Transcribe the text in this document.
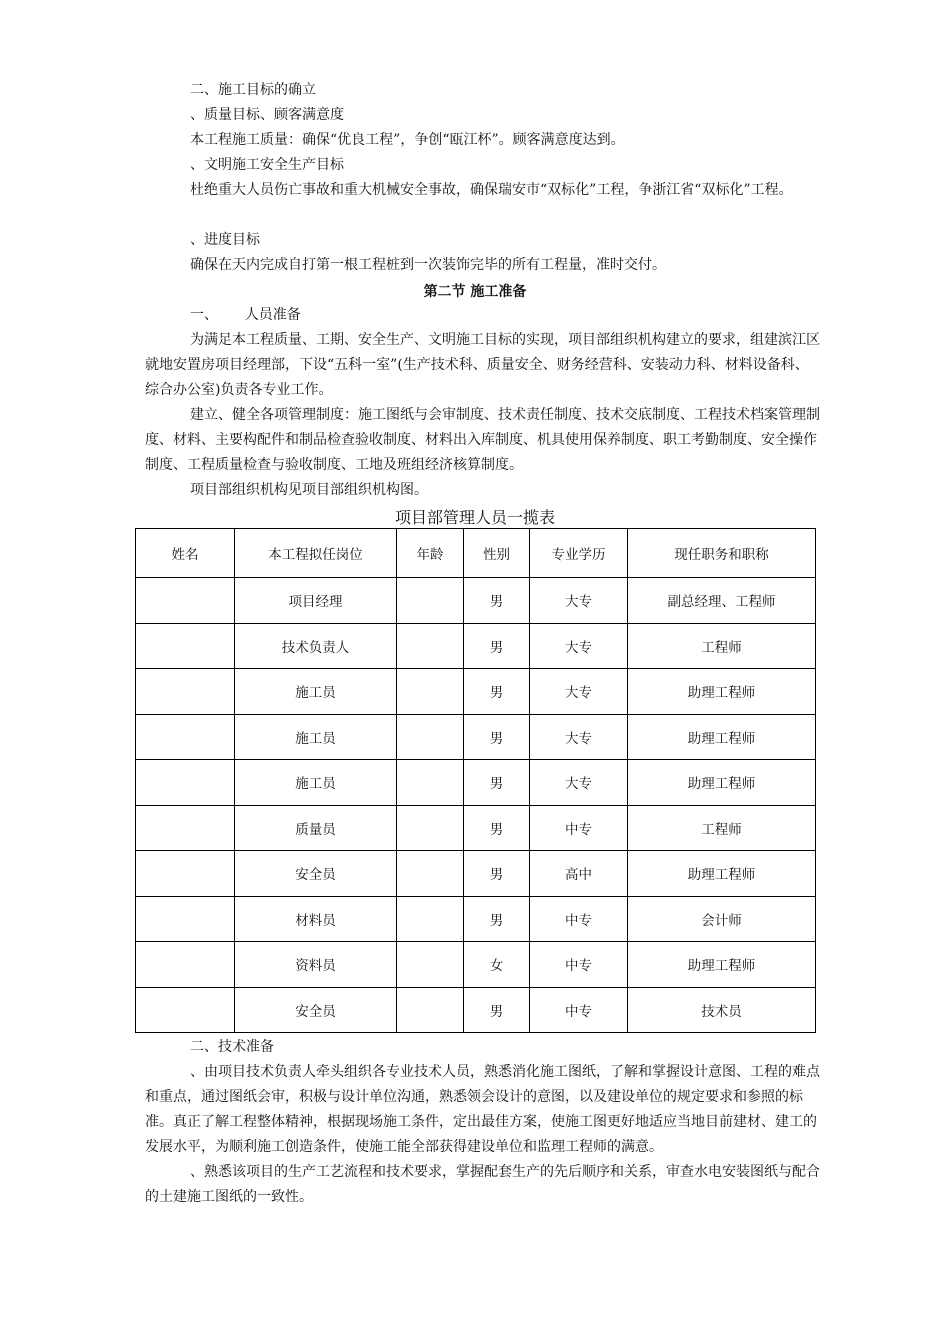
二、施工目标的确立

、质量目标、顾客满意度

本工程施工质量：确保“优良工程”，争创“瓯江杯”。顾客满意度达到。

、文明施工安全生产目标

杜绝重大人员伤亡事故和重大机械安全事故，确保瑞安市“双标化”工程，争浙江省“双标化”工程。

、进度目标

确保在天内完成自打第一根工程桩到一次装饰完毕的所有工程量，准时交付。

第二节 施工准备

一、      人员准备

为满足本工程质量、工期、安全生产、文明施工目标的实现，项目部组织机构建立的要求，组建滨江区就地安置房项目经理部，下设“五科一室”(生产技术科、质量安全、财务经营科、安装动力科、材料设备科、综合办公室)负责各专业工作。

建立、健全各项管理制度：施工图纸与会审制度、技术责任制度、技术交底制度、工程技术档案管理制度、材料、主要构配件和制品检查验收制度、材料出入库制度、机具使用保养制度、职工考勤制度、安全操作制度、工程质量检查与验收制度、工地及班组经济核算制度。

项目部组织机构见项目部组织机构图。

项目部管理人员一揽表
姓名	本工程拟任岗位	年龄	性别	专业学历	现任职务和职称
	项目经理		男	大专	副总经理、工程师
	技术负责人		男	大专	工程师
	施工员		男	大专	助理工程师
	施工员		男	大专	助理工程师
	施工员		男	大专	助理工程师
	质量员		男	中专	工程师
	安全员		男	高中	助理工程师
	材料员		男	中专	会计师
	资料员		女	中专	助理工程师
	安全员		男	中专	技术员

二、技术准备

、由项目技术负责人牵头组织各专业技术人员，熟悉消化施工图纸，了解和掌握设计意图、工程的难点和重点，通过图纸会审，积极与设计单位沟通，熟悉领会设计的意图，以及建设单位的规定要求和参照的标准。真正了解工程整体精神，根据现场施工条件，定出最佳方案，使施工图更好地适应当地目前建材、建工的发展水平，为顺利施工创造条件，使施工能全部获得建设单位和监理工程师的满意。

、熟悉该项目的生产工艺流程和技术要求，掌握配套生产的先后顺序和关系，审查水电安装图纸与配合的土建施工图纸的一致性。
